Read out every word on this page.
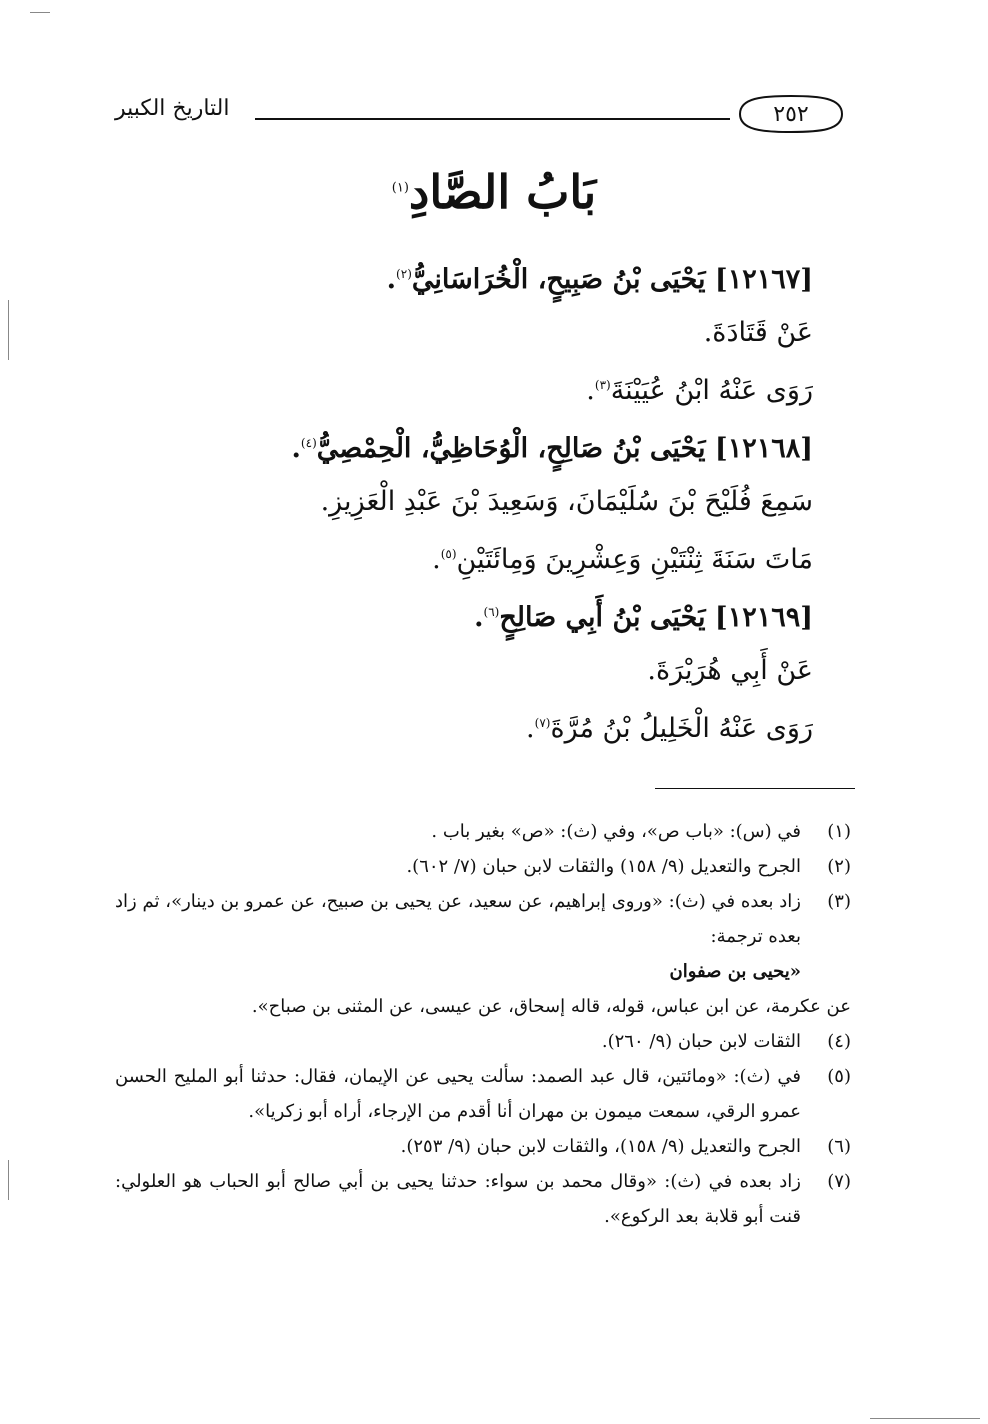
التاريخ الكبير	٢٥٢
بَابُ الصَّادِ$^{(١)}$
[١٢١٦٧] يَحْيَى بْنُ صَبِيحٍ، الْخُرَاسَانِيُّ$^{(٢)}$.
عَنْ قَتَادَةَ.
رَوَى عَنْهُ ابْنُ عُيَيْنَةَ$^{(٣)}$.
[١٢١٦٨] يَحْيَى بْنُ صَالِحٍ، الْوُحَاظِيُّ، الْحِمْصِيُّ$^{(٤)}$.
سَمِعَ فُلَيْحَ بْنَ سُلَيْمَانَ، وَسَعِيدَ بْنَ عَبْدِ الْعَزِيزِ.
مَاتَ سَنَةَ ثِنْتَيْنِ وَعِشْرِينَ وَمِائَتَيْنِ$^{(٥)}$.
[١٢١٦٩] يَحْيَى بْنُ أَبِي صَالِحٍ$^{(٦)}$.
عَنْ أَبِي هُرَيْرَةَ.
رَوَى عَنْهُ الْخَلِيلُ بْنُ مُرَّةَ$^{(٧)}$.
(١)
في (س): «باب ص»، وفي (ث): «ص» بغير باب .
(٢)
الجرح والتعديل (٩/ ١٥٨) والثقات لابن حبان (٧/ ٦٠٢).
(٣)
زاد بعده في (ث): «وروى إبراهيم، عن سعيد، عن يحيى بن صبيح، عن عمرو بن دينار»، ثم زاد بعده ترجمة:
«يحيى بن صفوان
عن عكرمة، عن ابن عباس، قوله، قاله إسحاق، عن عيسى، عن المثنى بن صباح».
(٤)
الثقات لابن حبان (٩/ ٢٦٠).
(٥)
في (ث): «ومائتين، قال عبد الصمد: سألت يحيى عن الإيمان، فقال: حدثنا أبو المليح الحسن عمرو الرقي، سمعت ميمون بن مهران أنا أقدم من الإرجاء، أراه أبو زكريا».
(٦)
الجرح والتعديل (٩/ ١٥٨)، والثقات لابن حبان (٩/ ٢٥٣).
(٧)
زاد بعده في (ث): «وقال محمد بن سواء: حدثنا يحيى بن أبي صالح أبو الحباب هو العلولي: قنت أبو قلابة بعد الركوع».
